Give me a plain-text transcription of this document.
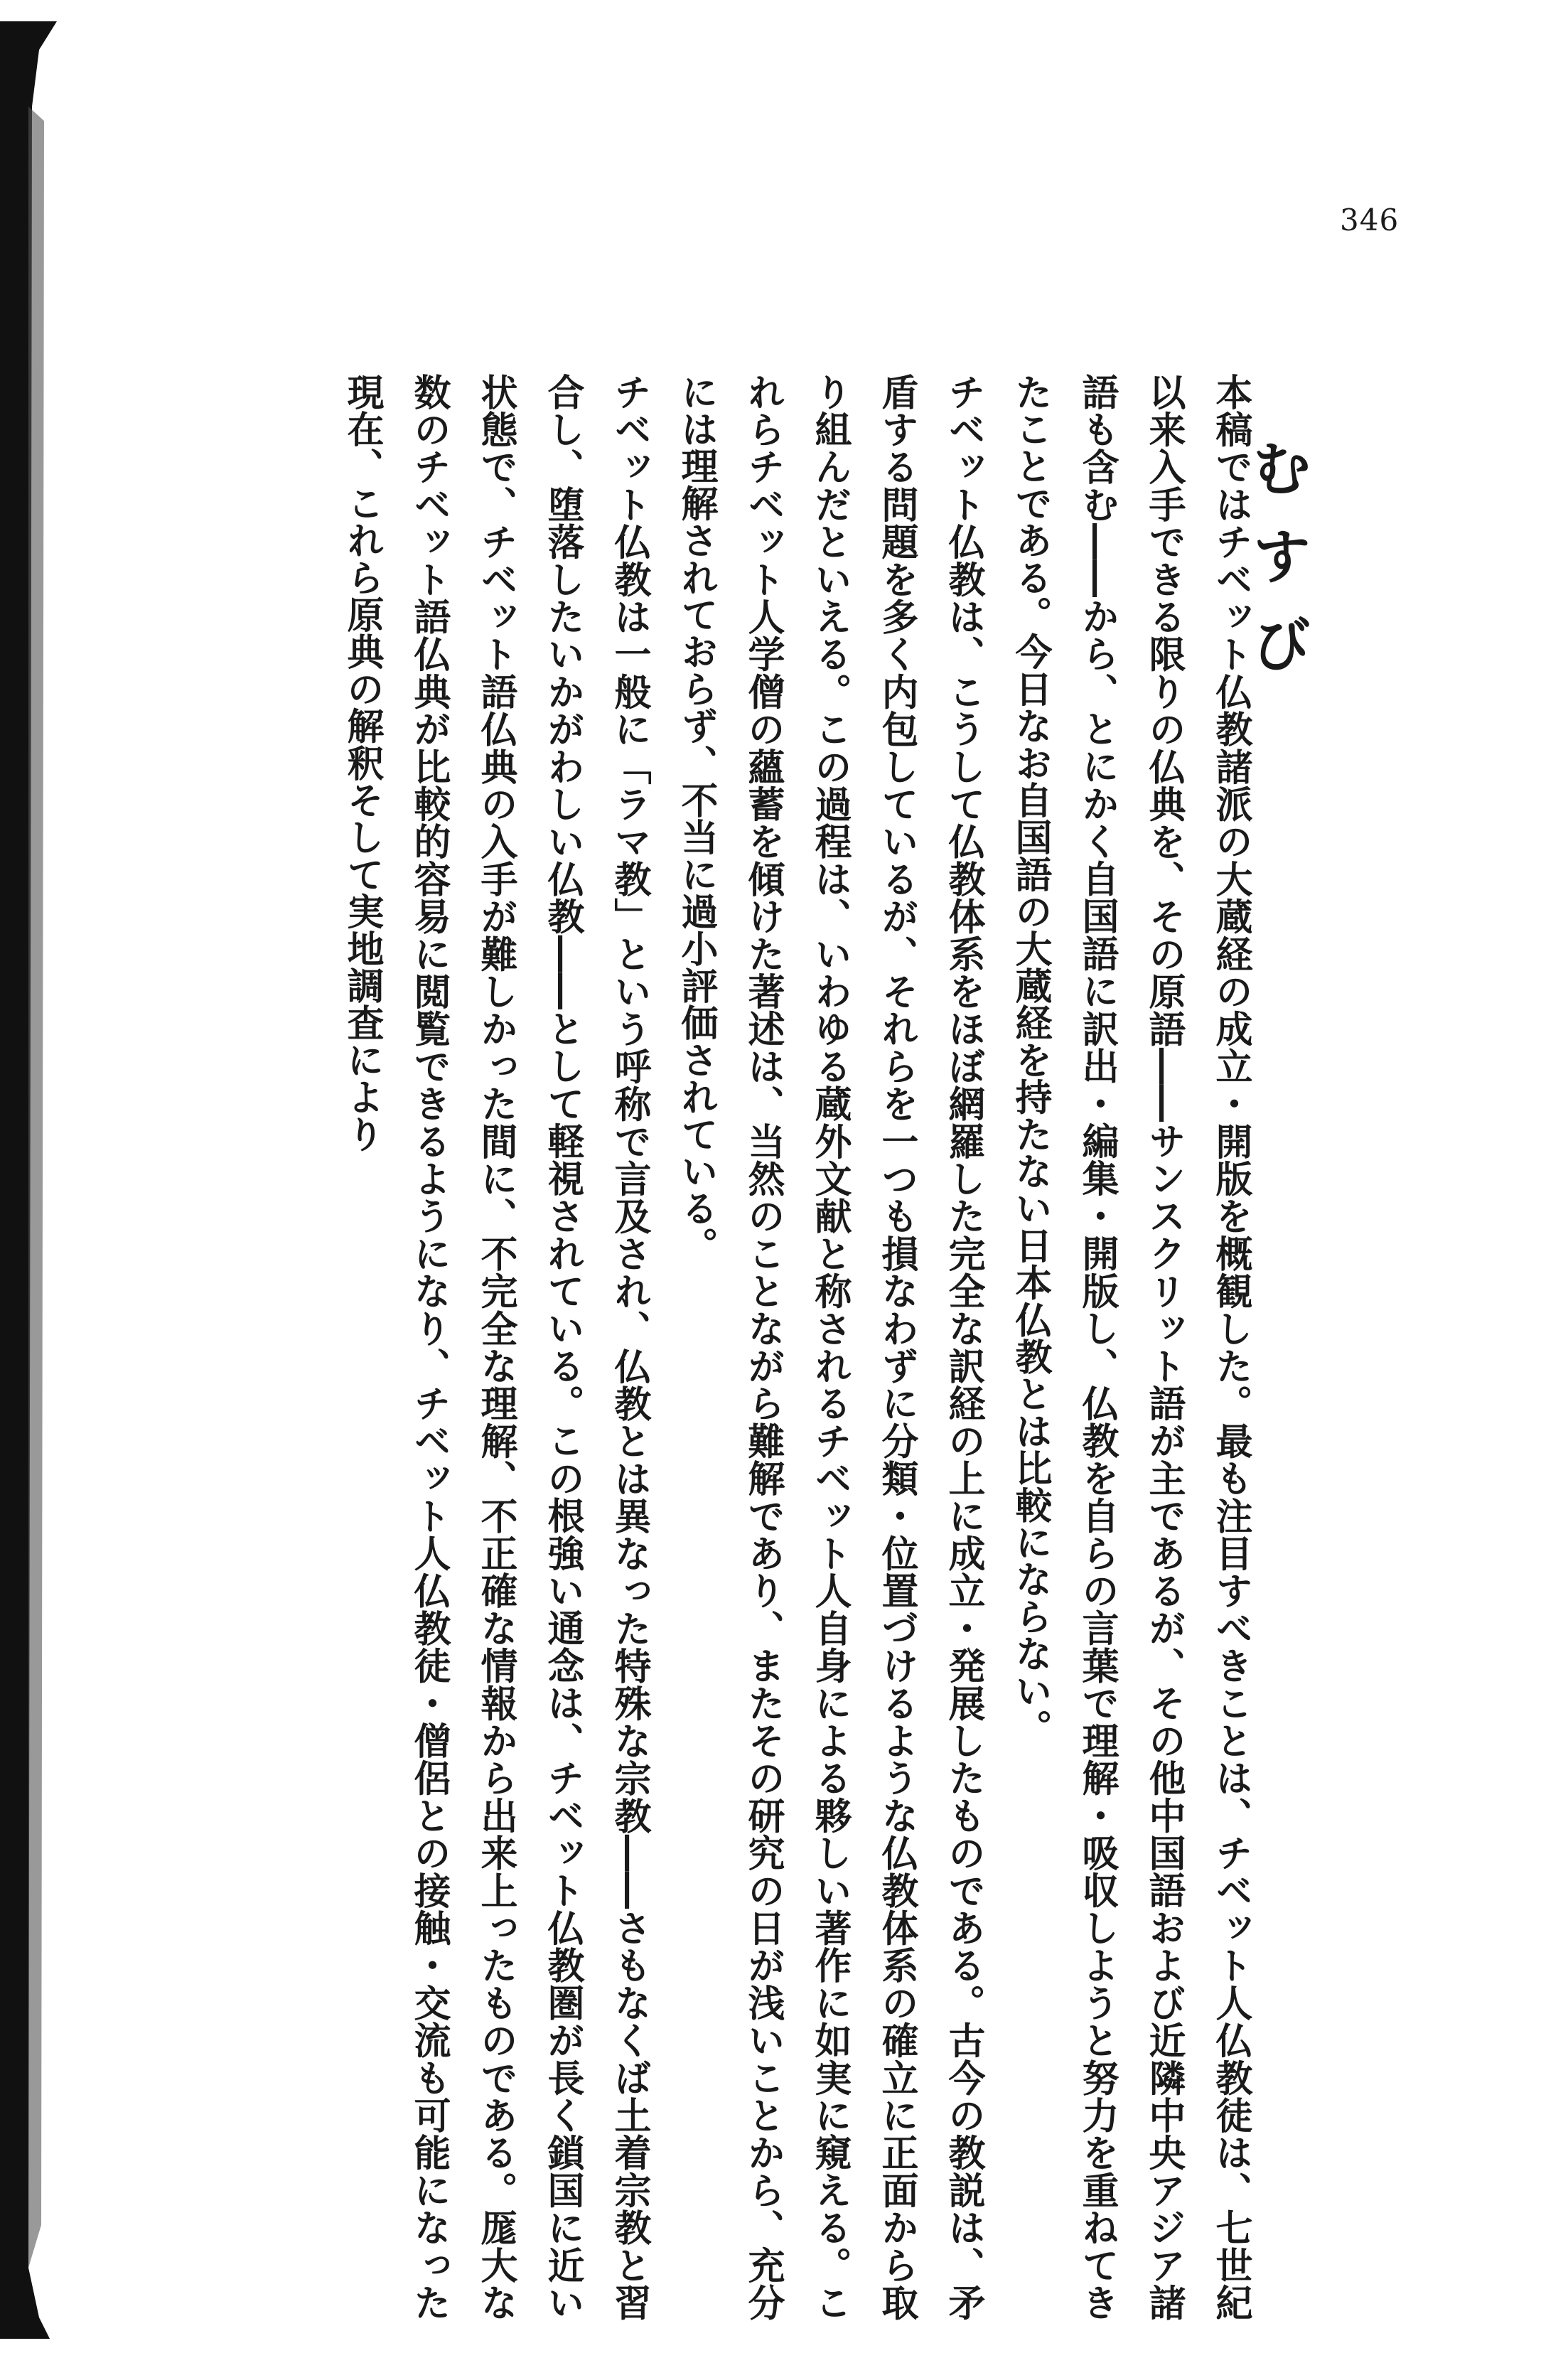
346
むすび

本稿ではチベット仏教諸派の大蔵経の成立・開版を概観した。最も注目すべきことは、チベット人仏教徒は、七世紀以来入手できる限りの仏典を、その原語――サンスクリット語が主であるが、その他中国語および近隣中央アジア諸語も含む――から、とにかく自国語に訳出・編集・開版し、仏教を自らの言葉で理解・吸収しようと努力を重ねてきたことである。今日なお自国語の大蔵経を持たない日本仏教とは比較にならない。

チベット仏教は、こうして仏教体系をほぼ網羅した完全な訳経の上に成立・発展したものである。古今の教説は、矛盾する問題を多く内包しているが、それらを一つも損なわずに分類・位置づけるような仏教体系の確立に正面から取り組んだといえる。この過程は、いわゆる蔵外文献と称されるチベット人自身による夥しい著作に如実に窺える。これらチベット人学僧の蘊蓄を傾けた著述は、当然のことながら難解であり、またその研究の日が浅いことから、充分には理解されておらず、不当に過小評価されている。

チベット仏教は一般に「ラマ教」という呼称で言及され、仏教とは異なった特殊な宗教――さもなくば土着宗教と習合し、堕落したいかがわしい仏教――として軽視されている。この根強い通念は、チベット仏教圏が長く鎖国に近い状態で、チベット語仏典の入手が難しかった間に、不完全な理解、不正確な情報から出来上ったものである。厖大な数のチベット語仏典が比較的容易に閲覧できるようになり、チベット人仏教徒・僧侶との接触・交流も可能になった現在、これら原典の解釈そして実地調査により
